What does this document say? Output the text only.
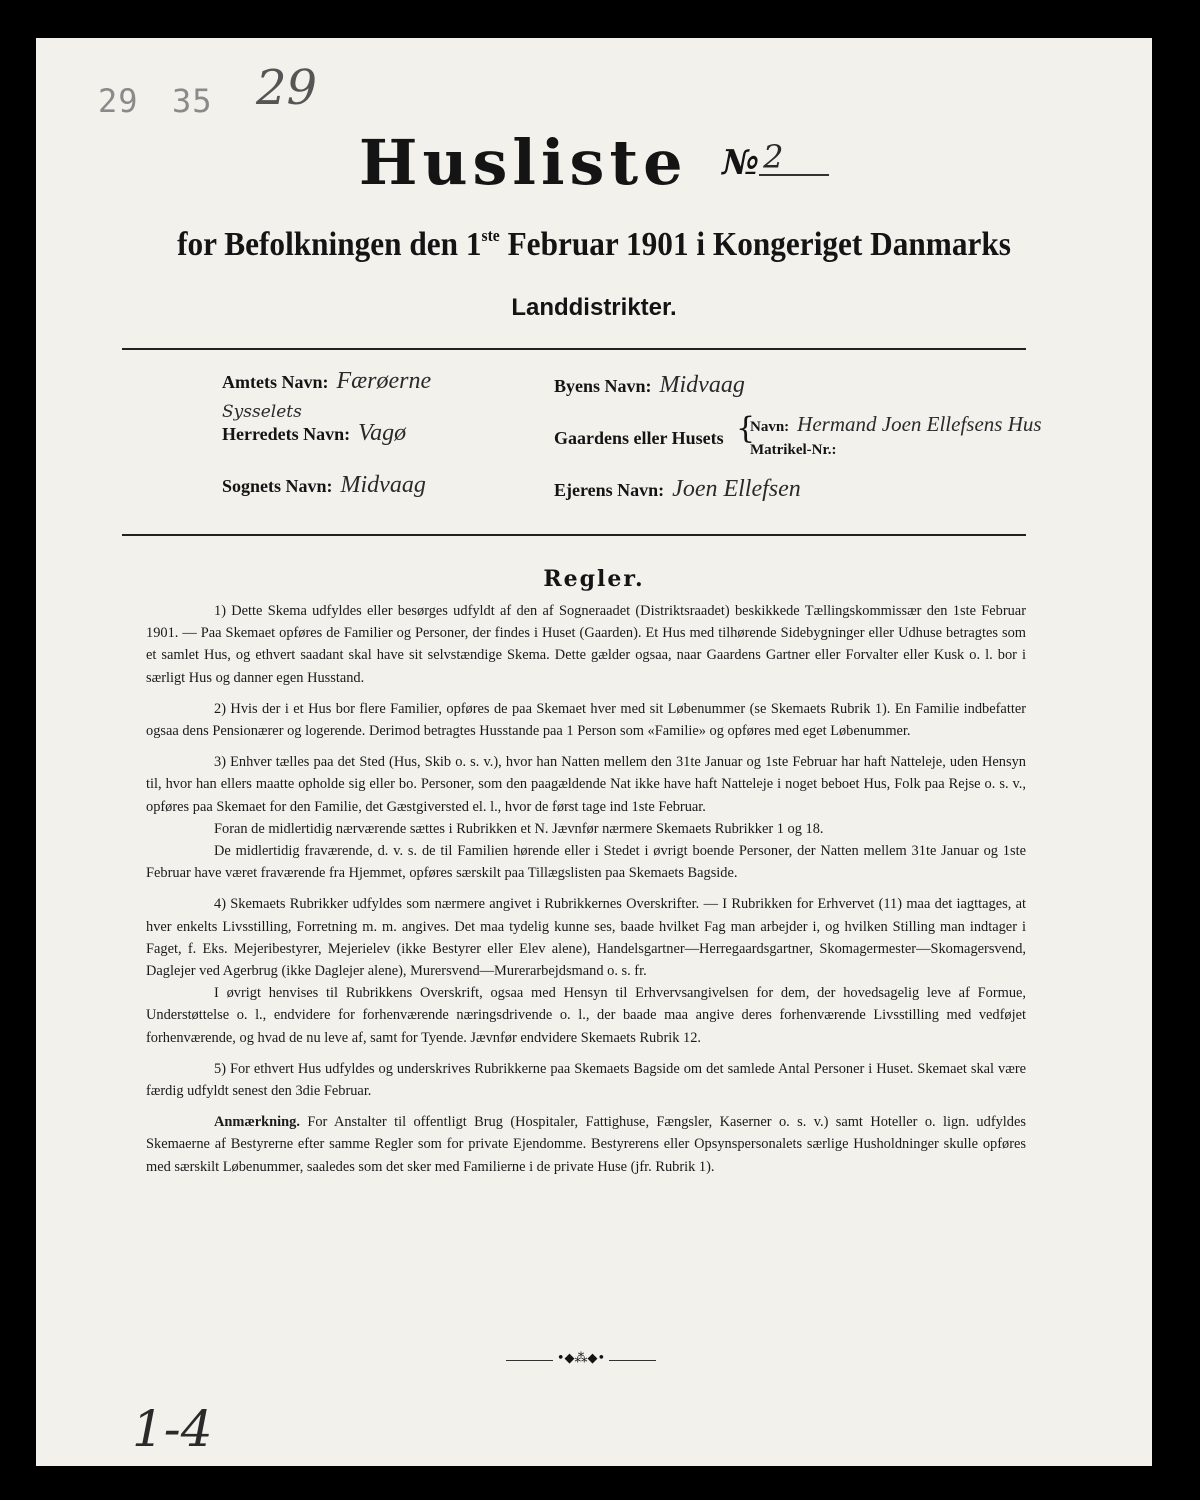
29 35 29
Husliste № 2
for Befolkningen den 1ste Februar 1901 i Kongeriget Danmarks
Landdistrikter.
Amtets Navn: Færøerne
Sysselets
Herredets Navn: Vagø
Sognets Navn: Midvaag
Byens Navn: Midvaag
Gaardens eller Husets {
Navn: Hermand Joen Ellefsens Hus
Matrikel-Nr.:
Ejerens Navn: Joen Ellefsen
Regler.

1) Dette Skema udfyldes eller besørges udfyldt af den af Sogneraadet (Distriktsraadet) beskikkede Tællingskommissær den 1ste Februar 1901. — Paa Skemaet opføres de Familier og Personer, der findes i Huset (Gaarden). Et Hus med tilhørende Sidebygninger eller Udhuse betragtes som et samlet Hus, og ethvert saadant skal have sit selvstændige Skema. Dette gælder ogsaa, naar Gaardens Gartner eller Forvalter eller Kusk o. l. bor i særligt Hus og danner egen Husstand.

2) Hvis der i et Hus bor flere Familier, opføres de paa Skemaet hver med sit Løbenummer (se Skemaets Rubrik 1). En Familie indbefatter ogsaa dens Pensionærer og logerende. Derimod betragtes Husstande paa 1 Person som «Familie» og opføres med eget Løbenummer.

3) Enhver tælles paa det Sted (Hus, Skib o. s. v.), hvor han Natten mellem den 31te Januar og 1ste Februar har haft Natteleje, uden Hensyn til, hvor han ellers maatte opholde sig eller bo. Personer, som den paagældende Nat ikke have haft Natteleje i noget beboet Hus, Folk paa Rejse o. s. v., opføres paa Skemaet for den Familie, det Gæstgiversted el. l., hvor de først tage ind 1ste Februar.

Foran de midlertidig nærværende sættes i Rubrikken et N. Jævnfør nærmere Skemaets Rubrikker 1 og 18.

De midlertidig fraværende, d. v. s. de til Familien hørende eller i Stedet i øvrigt boende Personer, der Natten mellem 31te Januar og 1ste Februar have været fraværende fra Hjemmet, opføres særskilt paa Tillægslisten paa Skemaets Bagside.

4) Skemaets Rubrikker udfyldes som nærmere angivet i Rubrikkernes Overskrifter. — I Rubrikken for Erhvervet (11) maa det iagttages, at hver enkelts Livsstilling, Forretning m. m. angives. Det maa tydelig kunne ses, baade hvilket Fag man arbejder i, og hvilken Stilling man indtager i Faget, f. Eks. Mejeribestyrer, Mejerielev (ikke Bestyrer eller Elev alene), Handelsgartner—Herregaardsgartner, Skomagermester—Skomagersvend, Daglejer ved Agerbrug (ikke Daglejer alene), Murersvend—Murerarbejdsmand o. s. fr.

I øvrigt henvises til Rubrikkens Overskrift, ogsaa med Hensyn til Erhvervsangivelsen for dem, der hovedsagelig leve af Formue, Understøttelse o. l., endvidere for forhenværende næringsdrivende o. l., der baade maa angive deres forhenværende Livsstilling med vedføjet forhenværende, og hvad de nu leve af, samt for Tyende. Jævnfør endvidere Skemaets Rubrik 12.

5) For ethvert Hus udfyldes og underskrives Rubrikkerne paa Skemaets Bagside om det samlede Antal Personer i Huset. Skemaet skal være færdig udfyldt senest den 3die Februar.

Anmærkning. For Anstalter til offentligt Brug (Hospitaler, Fattighuse, Fængsler, Kaserner o. s. v.) samt Hoteller o. lign. udfyldes Skemaerne af Bestyrerne efter samme Regler som for private Ejendomme. Bestyrerens eller Opsynspersonalets særlige Husholdninger skulle opføres med særskilt Løbenummer, saaledes som det sker med Familierne i de private Huse (jfr. Rubrik 1).

•◆⁂◆•
1-4
